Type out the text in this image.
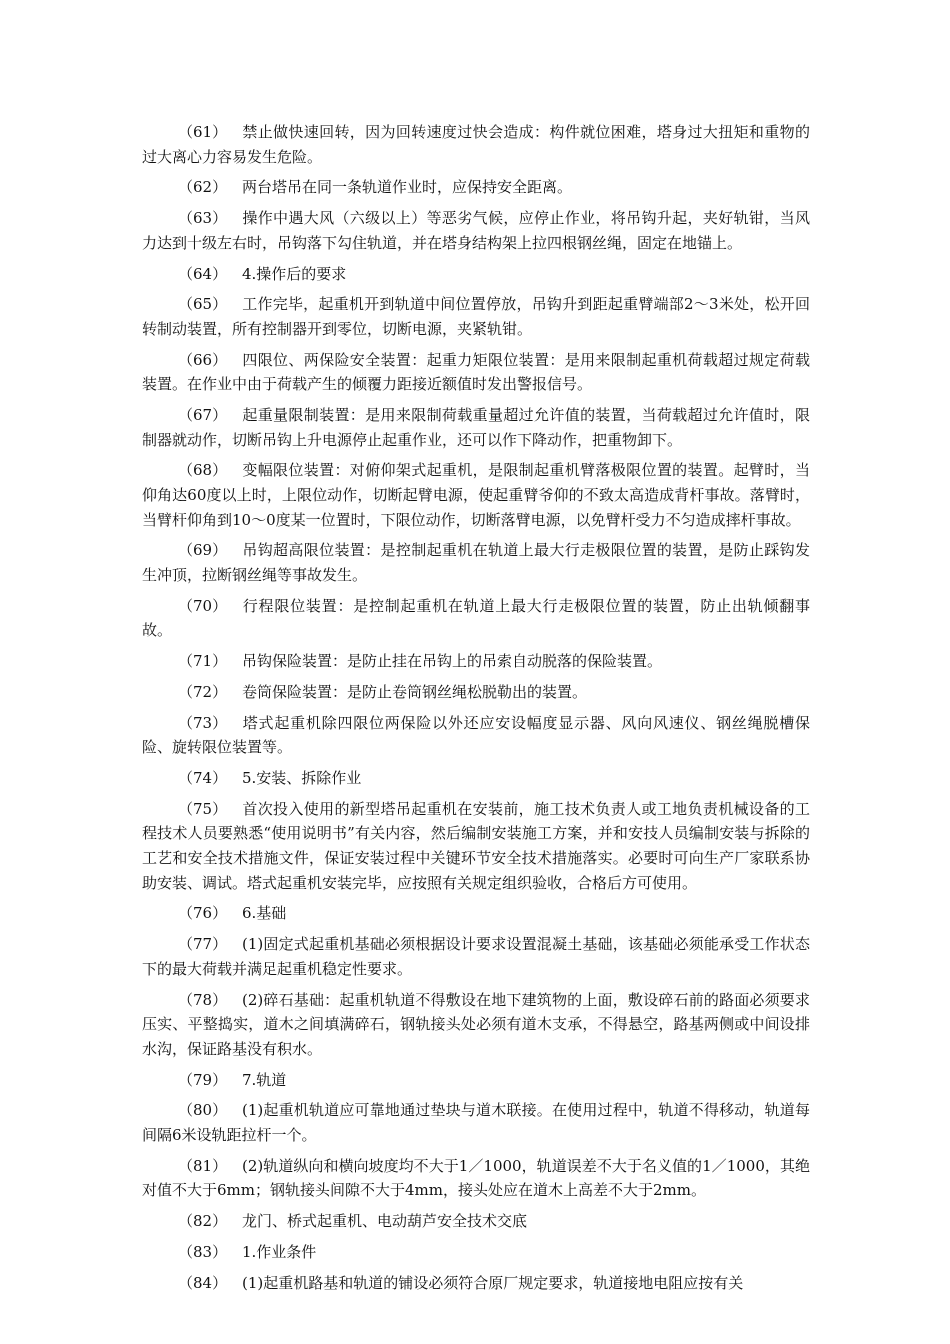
（61） 禁止做快速回转，因为回转速度过快会造成：构件就位困难，塔身过大扭矩和重物的过大离心力容易发生危险。

（62） 两台塔吊在同一条轨道作业时，应保持安全距离。

（63） 操作中遇大风（六级以上）等恶劣气候，应停止作业，将吊钩升起，夹好轨钳，当风力达到十级左右时，吊钩落下勾住轨道，并在塔身结构架上拉四根钢丝绳，固定在地锚上。

（64） 4.操作后的要求

（65） 工作完毕，起重机开到轨道中间位置停放，吊钩升到距起重臂端部2～3米处，松开回转制动装置，所有控制器开到零位，切断电源，夹紧轨钳。

（66） 四限位、两保险安全装置：起重力矩限位装置：是用来限制起重机荷载超过规定荷载装置。在作业中由于荷载产生的倾覆力距接近额值时发出警报信号。

（67） 起重量限制装置：是用来限制荷载重量超过允许值的装置，当荷载超过允许值时，限制器就动作，切断吊钩上升电源停止起重作业，还可以作下降动作，把重物卸下。

（68） 变幅限位装置：对俯仰架式起重机，是限制起重机臂落极限位置的装置。起臂时，当仰角达60度以上时，上限位动作，切断起臂电源，使起重臂爷仰的不致太高造成背杆事故。落臂时，当臂杆仰角到10～0度某一位置时，下限位动作，切断落臂电源，以免臂杆受力不匀造成摔杆事故。

（69） 吊钩超高限位装置：是控制起重机在轨道上最大行走极限位置的装置，是防止踩钩发生冲顶，拉断钢丝绳等事故发生。

（70） 行程限位装置：是控制起重机在轨道上最大行走极限位置的装置，防止出轨倾翻事故。

（71） 吊钩保险装置：是防止挂在吊钩上的吊索自动脱落的保险装置。

（72） 卷筒保险装置：是防止卷筒钢丝绳松脱勒出的装置。

（73） 塔式起重机除四限位两保险以外还应安设幅度显示器、风向风速仪、钢丝绳脱槽保险、旋转限位装置等。

（74） 5.安装、拆除作业

（75） 首次投入使用的新型塔吊起重机在安装前，施工技术负责人或工地负责机械设备的工程技术人员要熟悉“使用说明书”有关内容，然后编制安装施工方案，并和安技人员编制安装与拆除的工艺和安全技术措施文件，保证安装过程中关键环节安全技术措施落实。必要时可向生产厂家联系协助安装、调试。塔式起重机安装完毕，应按照有关规定组织验收，合格后方可使用。

（76） 6.基础

（77） (1)固定式起重机基础必须根据设计要求设置混凝土基础，该基础必须能承受工作状态下的最大荷载并满足起重机稳定性要求。

（78） (2)碎石基础：起重机轨道不得敷设在地下建筑物的上面，敷设碎石前的路面必须要求压实、平整捣实，道木之间填满碎石，钢轨接头处必须有道木支承，不得悬空，路基两侧或中间设排水沟，保证路基没有积水。

（79） 7.轨道

（80） (1)起重机轨道应可靠地通过垫块与道木联接。在使用过程中，轨道不得移动，轨道每间隔6米设轨距拉杆一个。

（81） (2)轨道纵向和横向坡度均不大于1／1000，轨道误差不大于名义值的1／1000，其绝对值不大于6mm；钢轨接头间隙不大于4mm，接头处应在道木上高差不大于2mm。

（82） 龙门、桥式起重机、电动葫芦安全技术交底

（83） 1.作业条件

（84） (1)起重机路基和轨道的铺设必须符合原厂规定要求，轨道接地电阻应按有关
